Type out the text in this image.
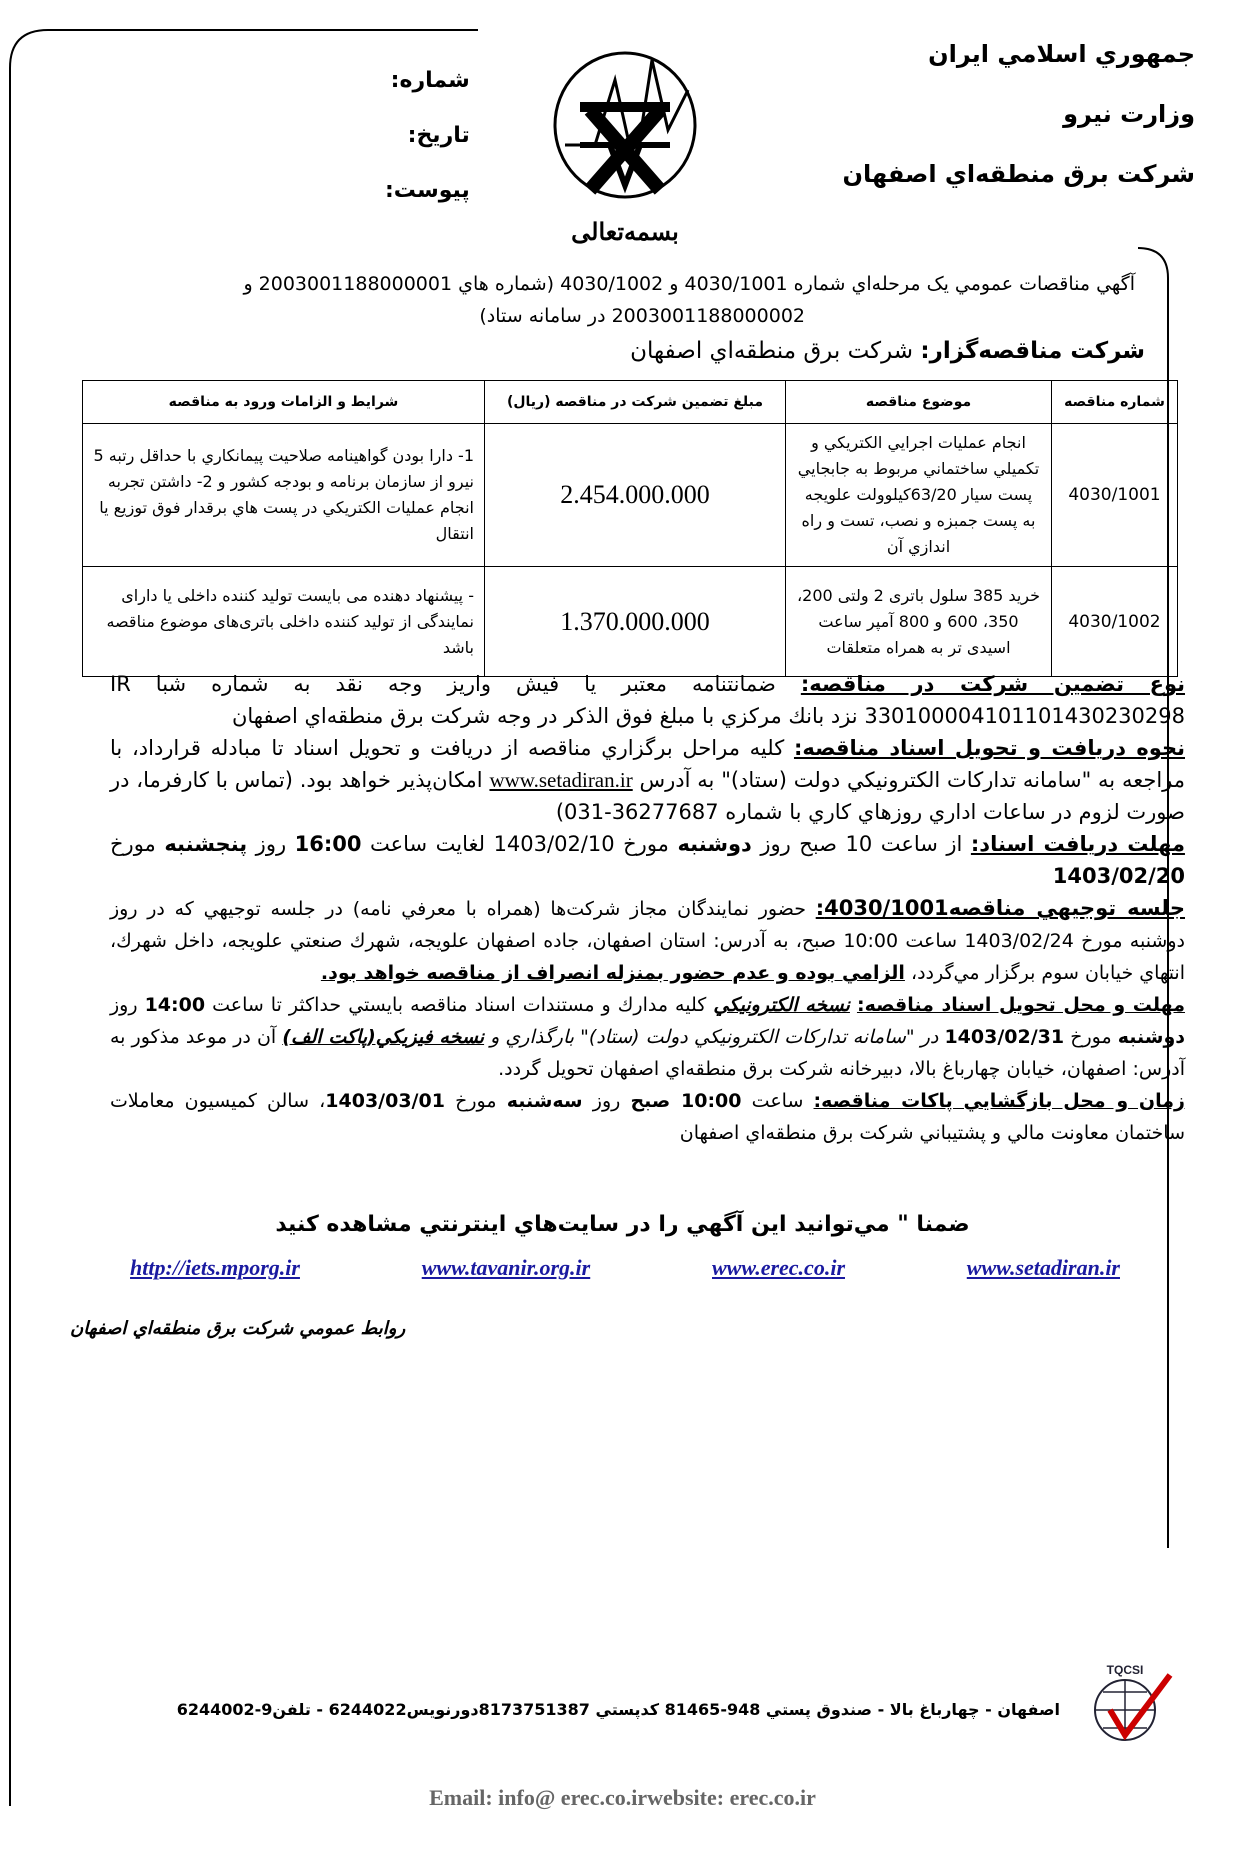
جمهوري اسلامي ايران
وزارت نيرو
شركت برق منطقه‌اي اصفهان
شماره:
تاريخ:
پيوست:
بسمه‌تعالی
آگهي مناقصات عمومي یک مرحله‌اي شماره 4030/1001 و 4030/1002 (شماره هاي 2003001188000001 و
2003001188000002 در سامانه ستاد)
شركت مناقصه‌گزار: شركت برق منطقه‌اي اصفهان
شماره مناقصه	موضوع مناقصه	مبلغ تضمين شركت در مناقصه (ريال)	شرايط و الزامات ورود به مناقصه
4030/1001	انجام عمليات اجرايي الكتريكي و تكميلي ساختماني مربوط به جابجايي پست سيار 63/20كيلوولت علويجه به پست جمبزه و نصب، تست و راه اندازي آن	2.454.000.000	1- دارا بودن گواهينامه صلاحيت پيمانكاري با حداقل رتبه 5 نيرو از سازمان برنامه و بودجه كشور و 2- داشتن تجربه انجام عمليات الكتريكي در پست هاي برقدار فوق توزيع يا انتقال
4030/1002	خريد 385 سلول باتری 2 ولتی 200، 350، 600 و 800 آمپر ساعت اسیدی تر به همراه متعلقات	1.370.000.000	- پیشنهاد دهنده می بایست تولید کننده داخلی یا دارای نمایندگی از تولید کننده داخلی باتری‌های موضوع مناقصه باشد

نوع تضمين شركت در مناقصه: ضمانتنامه معتبر يا فيش واريز وجه نقد به شماره شبا IR 330100004101101430230298 نزد بانك مركزي با مبلغ فوق الذكر در وجه شركت برق منطقه‌اي اصفهان

نحوه دريافت و تحويل اسناد مناقصه: كليه مراحل برگزاري مناقصه از دريافت و تحويل اسناد تا مبادله قرارداد، با مراجعه به "سامانه تداركات الكترونيكي دولت (ستاد)" به آدرس www.setadiran.ir امكان‌پذير خواهد بود. (تماس با كارفرما، در صورت لزوم در ساعات اداري روزهاي كاري با شماره 36277687-031)

مهلت دريافت اسناد: از ساعت 10 صبح روز دوشنبه مورخ 1403/02/10 لغايت ساعت 16:00 روز پنجشنبه مورخ 1403/02/20

جلسه توجيهي مناقصه4030/1001: حضور نمايندگان مجاز شركت‌ها (همراه با معرفي نامه) در جلسه توجيهي كه در روز دوشنبه مورخ 1403/02/24 ساعت 10:00 صبح، به آدرس: استان اصفهان، جاده اصفهان علويجه، شهرك صنعتي علويجه، داخل شهرك، انتهاي خيابان سوم برگزار مي‌گردد، الزامي بوده و عدم حضور بمنزله انصراف از مناقصه خواهد بود.

مهلت و محل تحويل اسناد مناقصه: نسخه الكترونيكي كليه مدارك و مستندات اسناد مناقصه بايستي حداكثر تا ساعت 14:00 روز دوشنبه مورخ 1403/02/31 در "سامانه تداركات الكترونيكي دولت (ستاد)" بارگذاري و نسخه فيزيكي(پاكت الف) آن در موعد مذكور به آدرس: اصفهان، خيابان چهارباغ بالا، دبيرخانه شركت برق منطقه‌اي اصفهان تحويل گردد.

زمان و محل بازگشايي پاكات مناقصه: ساعت 10:00 صبح روز سه‌شنبه مورخ 1403/03/01، سالن كميسيون معاملات ساختمان معاونت مالي و پشتيباني شركت برق منطقه‌اي اصفهان

ضمنا " مي‌توانيد اين آگهي را در سايت‌هاي اينترنتي مشاهده كنيد
www.setadiran.ir
www.erec.co.ir
www.tavanir.org.ir
http://iets.mporg.ir
روابط عمومي شركت برق منطقه‌اي اصفهان
TQCSI
اصفهان - چهارباغ بالا - صندوق پستي 948-81465 كدپستي 8173751387دورنويس6244022 - تلفن9-6244002
Email: info@ erec.co.irwebsite: erec.co.ir
